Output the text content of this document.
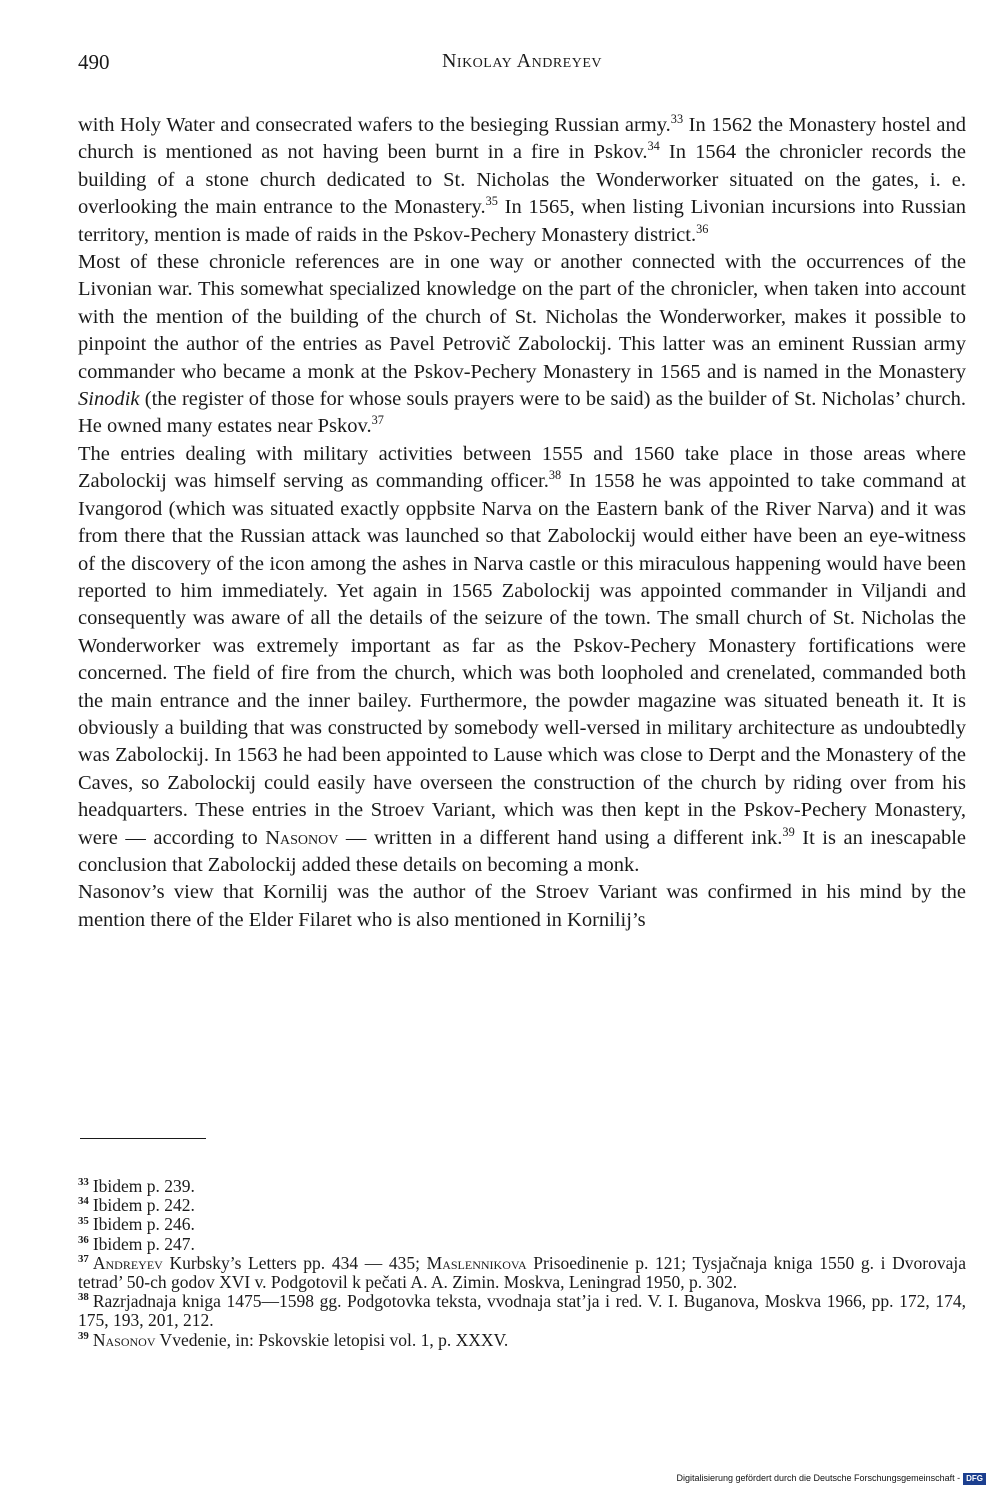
490	Nikolay Andreyev

with Holy Water and consecrated wafers to the besieging Russian army.$^{33}$ In 1562 the Monastery hostel and church is mentioned as not having been burnt in a fire in Pskov.$^{34}$ In 1564 the chronicler records the building of a stone church dedicated to St. Nicholas the Wonderworker situated on the gates, i. e. overlooking the main entrance to the Monastery.$^{35}$ In 1565, when listing Livonian incursions into Russian territory, mention is made of raids in the Pskov-Pechery Monastery district.$^{36}$

Most of these chronicle references are in one way or another connected with the occurrences of the Livonian war. This somewhat specialized knowledge on the part of the chronicler, when taken into account with the mention of the building of the church of St. Nicholas the Wonderworker, makes it possible to pinpoint the author of the entries as Pavel Petrovič Zabolockij. This latter was an eminent Russian army commander who became a monk at the Pskov-Pechery Monastery in 1565 and is named in the Monastery Sinodik (the register of those for whose souls prayers were to be said) as the builder of St. Nicholas’ church. He owned many estates near Pskov.$^{37}$

The entries dealing with military activities between 1555 and 1560 take place in those areas where Zabolockij was himself serving as commanding officer.$^{38}$ In 1558 he was appointed to take command at Ivangorod (which was situated exactly oppbsite Narva on the Eastern bank of the River Narva) and it was from there that the Russian attack was launched so that Zabolockij would either have been an eye-witness of the discovery of the icon among the ashes in Narva castle or this miraculous happening would have been reported to him immediately. Yet again in 1565 Zabolockij was appointed commander in Viljandi and consequently was aware of all the details of the seizure of the town. The small church of St. Nicholas the Wonderworker was extremely important as far as the Pskov-Pechery Monastery fortifications were concerned. The field of fire from the church, which was both loopholed and crenelated, commanded both the main entrance and the inner bailey. Furthermore, the powder magazine was situated beneath it. It is obviously a building that was constructed by somebody well-versed in military architecture as undoubtedly was Zabolockij. In 1563 he had been appointed to Lause which was close to Derpt and the Monastery of the Caves, so Zabolockij could easily have overseen the construction of the church by riding over from his headquarters. These entries in the Stroev Variant, which was then kept in the Pskov-Pechery Monastery, were — according to Nasonov — written in a different hand using a different ink.$^{39}$ It is an inescapable conclusion that Zabolockij added these details on becoming a monk.

Nasonov’s view that Kornilij was the author of the Stroev Variant was confirmed in his mind by the mention there of the Elder Filaret who is also mentioned in Kornilij’s

$^{33}$ Ibidem p. 239.

$^{34}$ Ibidem p. 242.

$^{35}$ Ibidem p. 246.

$^{36}$ Ibidem p. 247.

$^{37}$ Andreyev Kurbsky’s Letters pp. 434 — 435; Maslennikova Prisoedinenie p. 121; Tysjačnaja kniga 1550 g. i Dvorovaja tetrad’ 50-ch godov XVI v. Podgotovil k pečati A. A. Zimin. Moskva, Leningrad 1950, p. 302.

$^{38}$ Razrjadnaja kniga 1475—1598 gg. Podgotovka teksta, vvodnaja stat’ja i red. V. I. Buganova, Moskva 1966, pp. 172, 174, 175, 193, 201, 212.

$^{39}$ Nasonov Vvedenie, in: Pskovskie letopisi vol. 1, p. XXXV.

Digitalisierung gefördert durch die Deutsche Forschungsgemeinschaft - DFG
